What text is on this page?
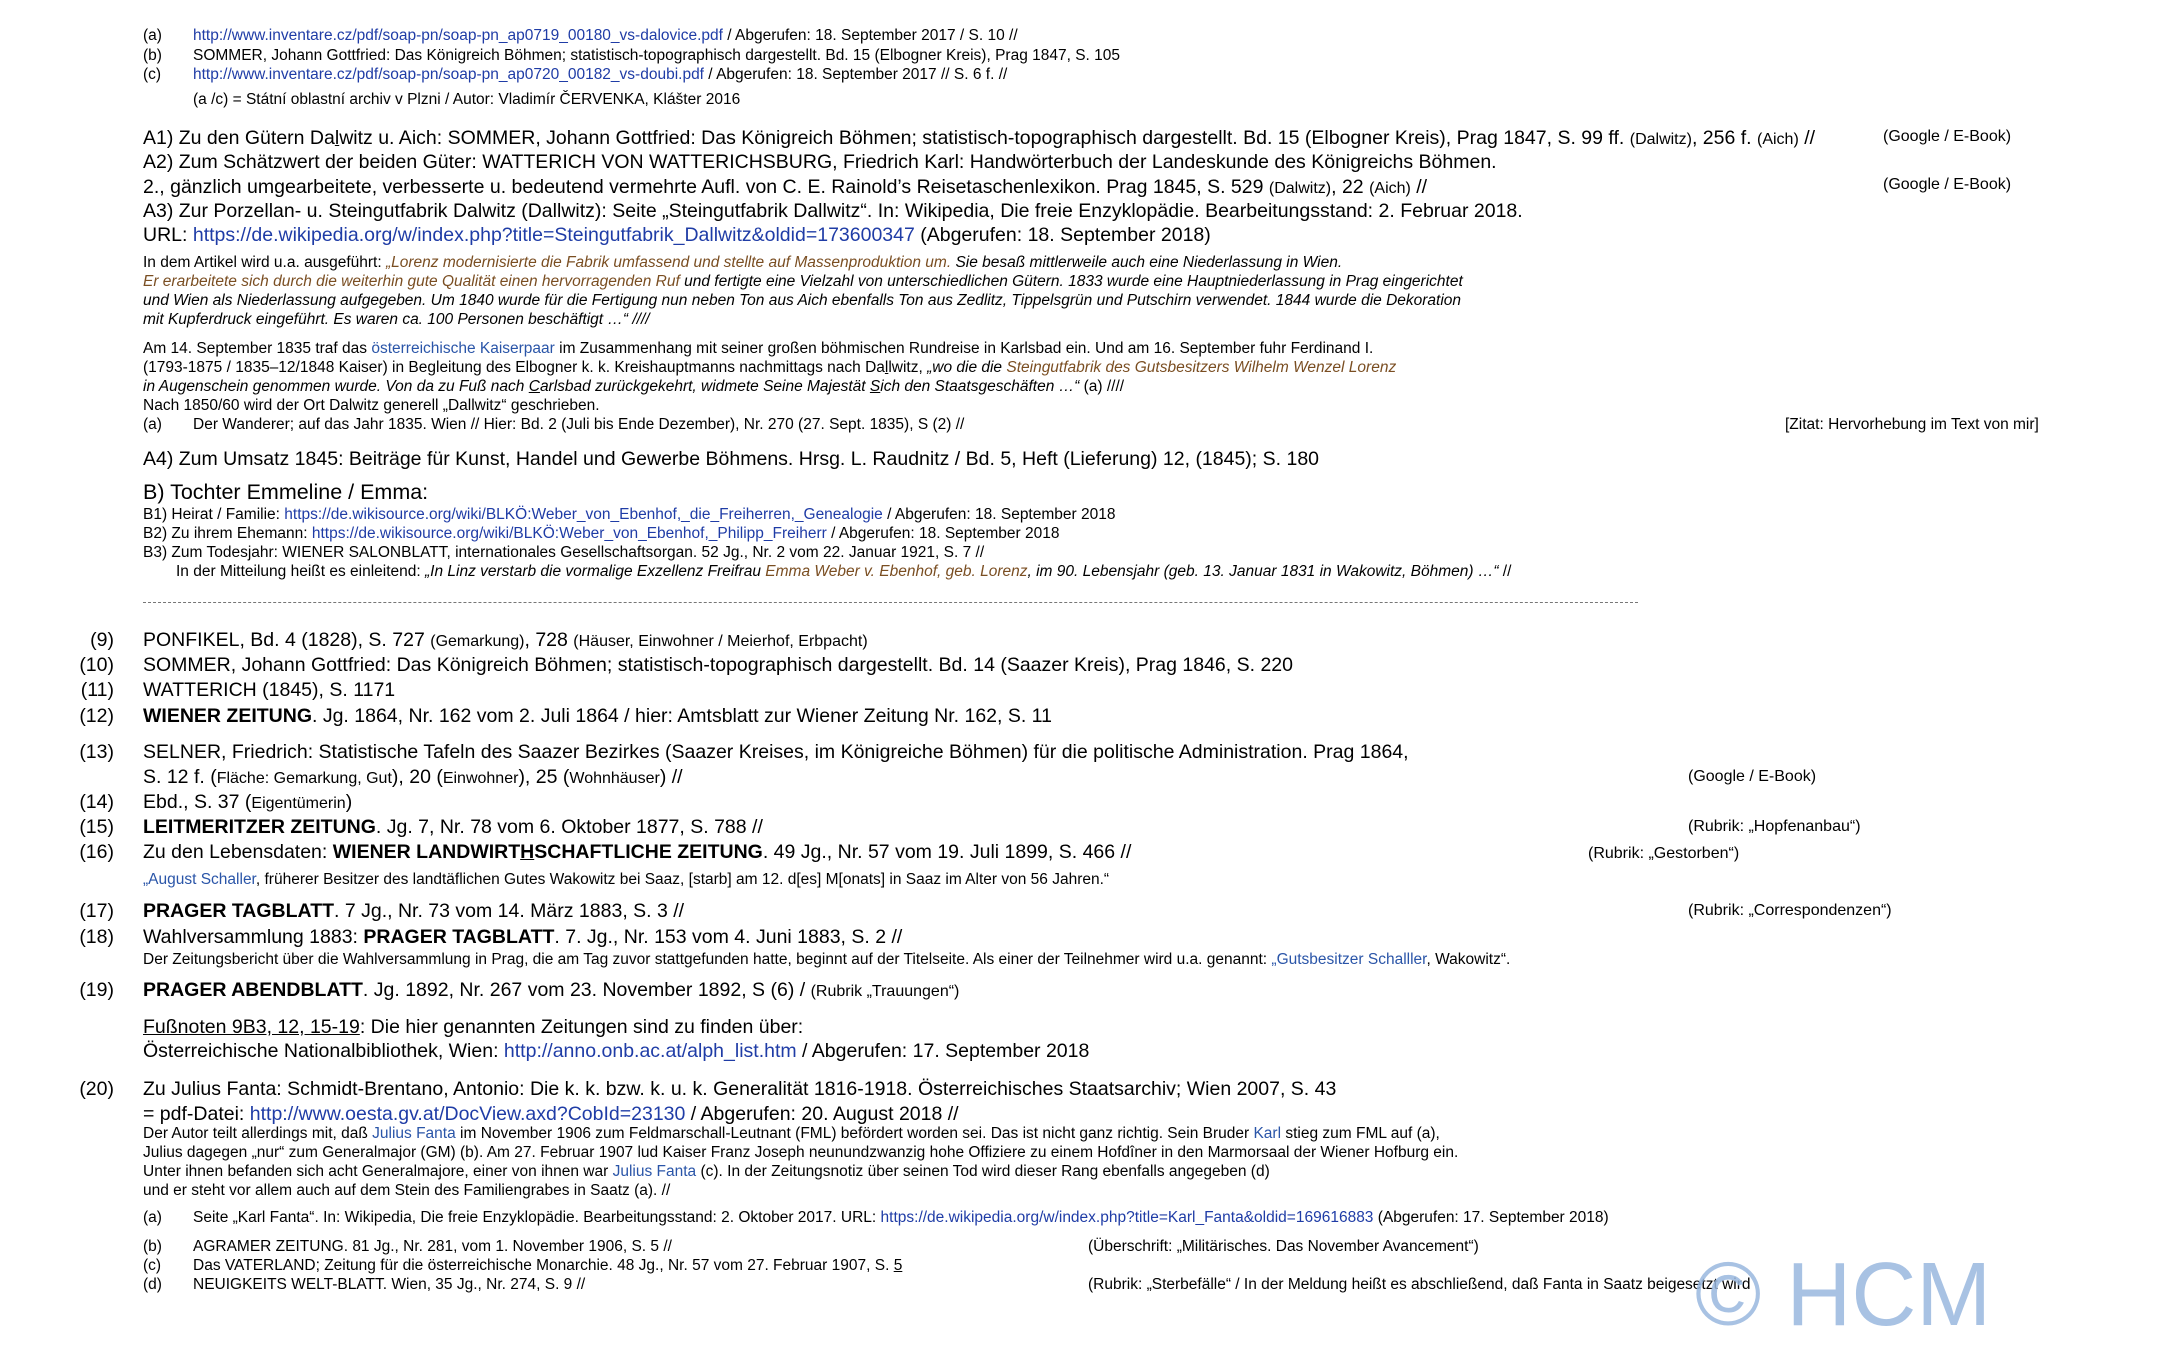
(a) http://www.inventare.cz/pdf/soap-pn/soap-pn_ap0719_00180_vs-dalovice.pdf / Abgerufen: 18. September 2017 / S. 10 //
(b) SOMMER, Johann Gottfried: Das Königreich Böhmen; statistisch-topographisch dargestellt. Bd. 15 (Elbogner Kreis), Prag 1847, S. 105
(c) http://www.inventare.cz/pdf/soap-pn/soap-pn_ap0720_00182_vs-doubi.pdf / Abgerufen: 18. September 2017 // S. 6 f. //
(a /c) = Státní oblastní archiv v Plzni / Autor: Vladimír ČERVENKA, Klášter 2016
A1) Zu den Gütern Dalwitz u. Aich: SOMMER, Johann Gottfried: Das Königreich Böhmen; statistisch-topographisch dargestellt. Bd. 15 (Elbogner Kreis), Prag 1847, S. 99 ff. (Dalwitz), 256 f. (Aich) //	(Google / E-Book)
A2) Zum Schätzwert der beiden Güter: WATTERICH VON WATTERICHSBURG, Friedrich Karl: Handwörterbuch der Landeskunde des Königreichs Böhmen.
2., gänzlich umgearbeitete, verbesserte u. bedeutend vermehrte Aufl. von C. E. Rainold’s Reisetaschenlexikon. Prag 1845, S. 529 (Dalwitz), 22 (Aich) //	(Google / E-Book)
A3) Zur Porzellan- u. Steingutfabrik Dalwitz (Dallwitz): Seite „Steingutfabrik Dallwitz“. In: Wikipedia, Die freie Enzyklopädie. Bearbeitungsstand: 2. Februar 2018.
URL: https://de.wikipedia.org/w/index.php?title=Steingutfabrik_Dallwitz&oldid=173600347 (Abgerufen: 18. September 2018)
In dem Artikel wird u.a. ausgeführt: „Lorenz modernisierte die Fabrik umfassend und stellte auf Massenproduktion um. Sie besaß mittlerweile auch eine Niederlassung in Wien.
Er erarbeitete sich durch die weiterhin gute Qualität einen hervorragenden Ruf und fertigte eine Vielzahl von unterschiedlichen Gütern. 1833 wurde eine Hauptniederlassung in Prag eingerichtet
und Wien als Niederlassung aufgegeben. Um 1840 wurde für die Fertigung nun neben Ton aus Aich ebenfalls Ton aus Zedlitz, Tippelsgrün und Putschirn verwendet. 1844 wurde die Dekoration
mit Kupferdruck eingeführt. Es waren ca. 100 Personen beschäftigt …“ ////
Am 14. September 1835 traf das österreichische Kaiserpaar im Zusammenhang mit seiner großen böhmischen Rundreise in Karlsbad ein. Und am 16. September fuhr Ferdinand I.
(1793-1875 / 1835–12/1848 Kaiser) in Begleitung des Elbogner k. k. Kreishauptmanns nachmittags nach Dallwitz, „wo die die Steingutfabrik des Gutsbesitzers Wilhelm Wenzel Lorenz
in Augenschein genommen wurde. Von da zu Fuß nach Carlsbad zurückgekehrt, widmete Seine Majestät Sich den Staatsgeschäften …“ (a) ////
Nach 1850/60 wird der Ort Dalwitz generell „Dallwitz“ geschrieben.
(a) Der Wanderer; auf das Jahr 1835. Wien // Hier: Bd. 2 (Juli bis Ende Dezember), Nr. 270 (27. Sept. 1835), S (2) //	[Zitat: Hervorhebung im Text von mir]
A4) Zum Umsatz 1845: Beiträge für Kunst, Handel und Gewerbe Böhmens. Hrsg. L. Raudnitz / Bd. 5, Heft (Lieferung) 12, (1845); S. 180
B) Tochter Emmeline / Emma:
B1) Heirat / Familie: https://de.wikisource.org/wiki/BLKÖ:Weber_von_Ebenhof,_die_Freiherren,_Genealogie / Abgerufen: 18. September 2018
B2) Zu ihrem Ehemann: https://de.wikisource.org/wiki/BLKÖ:Weber_von_Ebenhof,_Philipp_Freiherr / Abgerufen: 18. September 2018
B3) Zum Todesjahr: WIENER SALONBLATT, internationales Gesellschaftsorgan. 52 Jg., Nr. 2 vom 22. Januar 1921, S. 7 //
In der Mitteilung heißt es einleitend: „In Linz verstarb die vormalige Exzellenz Freifrau Emma Weber v. Ebenhof, geb. Lorenz, im 90. Lebensjahr (geb. 13. Januar 1831 in Wakowitz, Böhmen) …“ //
(9) PONFIKEL, Bd. 4 (1828), S. 727 (Gemarkung), 728 (Häuser, Einwohner / Meierhof, Erbpacht)
(10) SOMMER, Johann Gottfried: Das Königreich Böhmen; statistisch-topographisch dargestellt. Bd. 14 (Saazer Kreis), Prag 1846, S. 220
(11) WATTERICH (1845), S. 1171
(12) WIENER ZEITUNG. Jg. 1864, Nr. 162 vom 2. Juli 1864 / hier: Amtsblatt zur Wiener Zeitung Nr. 162, S. 11
(13) SELNER, Friedrich: Statistische Tafeln des Saazer Bezirkes (Saazer Kreises, im Königreiche Böhmen) für die politische Administration. Prag 1864,
S. 12 f. (Fläche: Gemarkung, Gut), 20 (Einwohner), 25 (Wohnhäuser) //	(Google / E-Book)
(14) Ebd., S. 37 (Eigentümerin)
(15) LEITMERITZER ZEITUNG. Jg. 7, Nr. 78 vom 6. Oktober 1877, S. 788 //	(Rubrik: „Hopfenanbau“)
(16) Zu den Lebensdaten: WIENER LANDWIRTHSCHAFTLICHE ZEITUNG. 49 Jg., Nr. 57 vom 19. Juli 1899, S. 466 //	(Rubrik: „Gestorben“)
„August Schaller, früherer Besitzer des landtäflichen Gutes Wakowitz bei Saaz, [starb] am 12. d[es] M[onats] in Saaz im Alter von 56 Jahren.“
(17) PRAGER TAGBLATT. 7 Jg., Nr. 73 vom 14. März 1883, S. 3 //	(Rubrik: „Correspondenzen“)
(18) Wahlversammlung 1883: PRAGER TAGBLATT. 7. Jg., Nr. 153 vom 4. Juni 1883, S. 2 //
Der Zeitungsbericht über die Wahlversammlung in Prag, die am Tag zuvor stattgefunden hatte, beginnt auf der Titelseite. Als einer der Teilnehmer wird u.a. genannt: „Gutsbesitzer Schalller, Wakowitz“.
(19) PRAGER ABENDBLATT. Jg. 1892, Nr. 267 vom 23. November 1892, S (6) / (Rubrik „Trauungen“)
Fußnoten 9B3, 12, 15-19: Die hier genannten Zeitungen sind zu finden über:
Österreichische Nationalbibliothek, Wien: http://anno.onb.ac.at/alph_list.htm / Abgerufen: 17. September 2018
(20) Zu Julius Fanta: Schmidt-Brentano, Antonio: Die k. k. bzw. k. u. k. Generalität 1816-1918. Österreichisches Staatsarchiv; Wien 2007, S. 43
= pdf-Datei: http://www.oesta.gv.at/DocView.axd?CobId=23130 / Abgerufen: 20. August 2018 //
Der Autor teilt allerdings mit, daß Julius Fanta im November 1906 zum Feldmarschall-Leutnant (FML) befördert worden sei. Das ist nicht ganz richtig. Sein Bruder Karl stieg zum FML auf (a),
Julius dagegen „nur“ zum Generalmajor (GM) (b). Am 27. Februar 1907 lud Kaiser Franz Joseph neunundzwanzig hohe Offiziere zu einem Hofdîner in den Marmorsaal der Wiener Hofburg ein.
Unter ihnen befanden sich acht Generalmajore, einer von ihnen war Julius Fanta (c). In der Zeitungsnotiz über seinen Tod wird dieser Rang ebenfalls angegeben (d)
und er steht vor allem auch auf dem Stein des Familiengrabes in Saatz (a). //
(a) Seite „Karl Fanta“. In: Wikipedia, Die freie Enzyklopädie. Bearbeitungsstand: 2. Oktober 2017. URL: https://de.wikipedia.org/w/index.php?title=Karl_Fanta&oldid=169616883 (Abgerufen: 17. September 2018)
(b) AGRAMER ZEITUNG. 81 Jg., Nr. 281, vom 1. November 1906, S. 5 //	(Überschrift: „Militärisches. Das November Avancement“)
(c) Das VATERLAND; Zeitung für die österreichische Monarchie. 48 Jg., Nr. 57 vom 27. Februar 1907, S. 5
(d) NEUIGKEITS WELT-BLATT. Wien, 35 Jg., Nr. 274, S. 9 //	(Rubrik: „Sterbefälle“ / In der Meldung heißt es abschließend, daß Fanta in Saatz beigesetzt wird
© HCM
